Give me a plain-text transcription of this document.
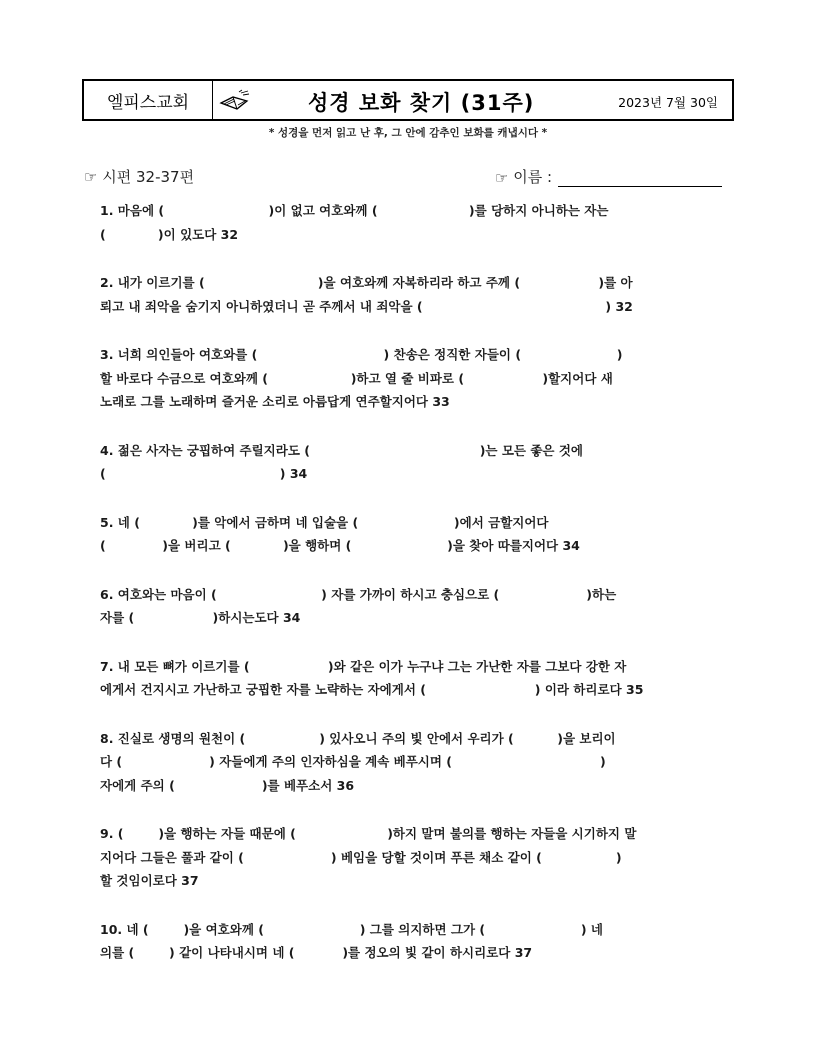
엘피스교회	성경 보화 찾기 (31주)	2023년 7월 30일
* 성경을 먼저 읽고 난 후, 그 안에 감추인 보화를 캐냅시다 *
☞ 시편 32-37편	☞
이름 :
1. 마음에 (                        )이 없고 여호와께 (                     )를 당하지 아니하는 자는
(            )이 있도다 32
2. 내가 이르기를 (                          )을 여호와께 자복하리라 하고 주께 (                  )를 아
뢰고 내 죄악을 숨기지 아니하였더니 곧 주께서 내 죄악을 (                                          ) 32
3. 너희 의인들아 여호와를 (                             ) 찬송은 정직한 자들이 (                      )
할 바로다 수금으로 여호와께 (                   )하고 열 줄 비파로 (                  )할지어다 새
노래로 그를 노래하며 즐거운 소리로 아름답게 연주할지어다 33
4. 젊은 사자는 궁핍하여 주릴지라도 (                                       )는 모든 좋은 것에
(                                        ) 34
5. 네 (            )를 악에서 금하며 네 입술을 (                      )에서 금할지어다
(             )을 버리고 (            )을 행하며 (                      )을 찾아 따를지어다 34
6. 여호와는 마음이 (                        ) 자를 가까이 하시고 충심으로 (                    )하는
자를 (                  )하시는도다 34
7. 내 모든 뼈가 이르기를 (                  )와 같은 이가 누구냐 그는 가난한 자를 그보다 강한 자
에게서 건지시고 가난하고 궁핍한 자를 노략하는 자에게서 (                         ) 이라 하리로다 35
8. 진실로 생명의 원천이 (                 ) 있사오니 주의 빛 안에서 우리가 (          )을 보리이
다 (                    ) 자들에게 주의 인자하심을 계속 베푸시며 (                                  )
자에게 주의 (                    )를 베푸소서 36
9. (        )을 행하는 자들 때문에 (                     )하지 말며 불의를 행하는 자들을 시기하지 말
지어다 그들은 풀과 같이 (                    ) 베임을 당할 것이며 푸른 채소 같이 (                 )
할 것임이로다 37
10. 네 (        )을 여호와께 (                      ) 그를 의지하면 그가 (                      ) 네
의를 (        ) 같이 나타내시며 네 (           )를 정오의 빛 같이 하시리로다 37
